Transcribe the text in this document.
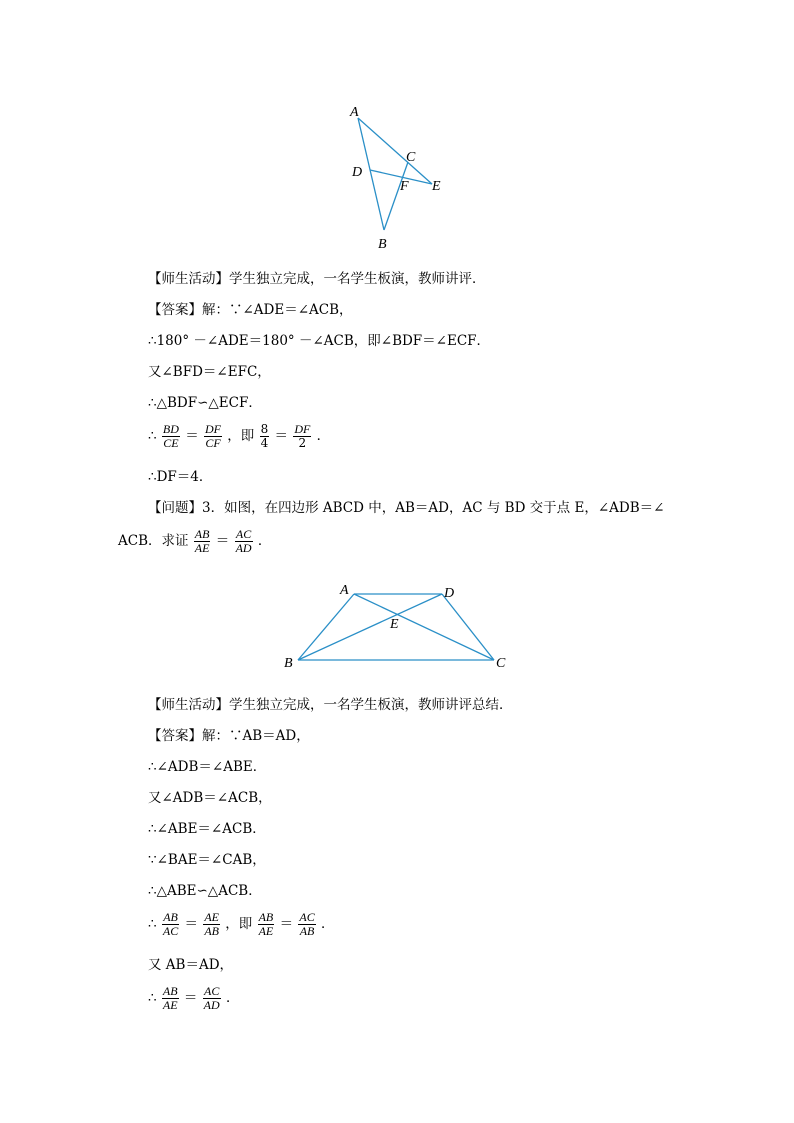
A
C
D
F E
B
【师生活动】学生独立完成，一名学生板演，教师讲评．
【答案】解：∵∠ADE＝∠ACB，
∴180° －∠ADE＝180° －∠ACB，即∠BDF＝∠ECF．
又∠BFD＝∠EFC，
∴△BDF∽△ECF．
∴ $\frac{BD}{CE} = \frac{DF}{CF}$ ，即 $\frac{8}{4} = \frac{DF}{2}$ ．
∴DF＝4．
【问题】3．如图，在四边形 ABCD 中，AB＝AD，AC 与 BD 交于点 E，∠ADB＝∠
ACB．求证 $\frac{AB}{AE} = \frac{AC}{AD}$ ．
A	D
E
B	C
【师生活动】学生独立完成，一名学生板演，教师讲评总结．
【答案】解：∵AB＝AD，
∴∠ADB＝∠ABE．
又∠ADB＝∠ACB，
∴∠ABE＝∠ACB．
∵∠BAE＝∠CAB，
∴△ABE∽△ACB．
∴ $\frac{AB}{AC} = \frac{AE}{AB}$ ，即 $\frac{AB}{AE} = \frac{AC}{AB}$ ．
又 AB＝AD，
∴ $\frac{AB}{AE} = \frac{AC}{AD}$ ．
